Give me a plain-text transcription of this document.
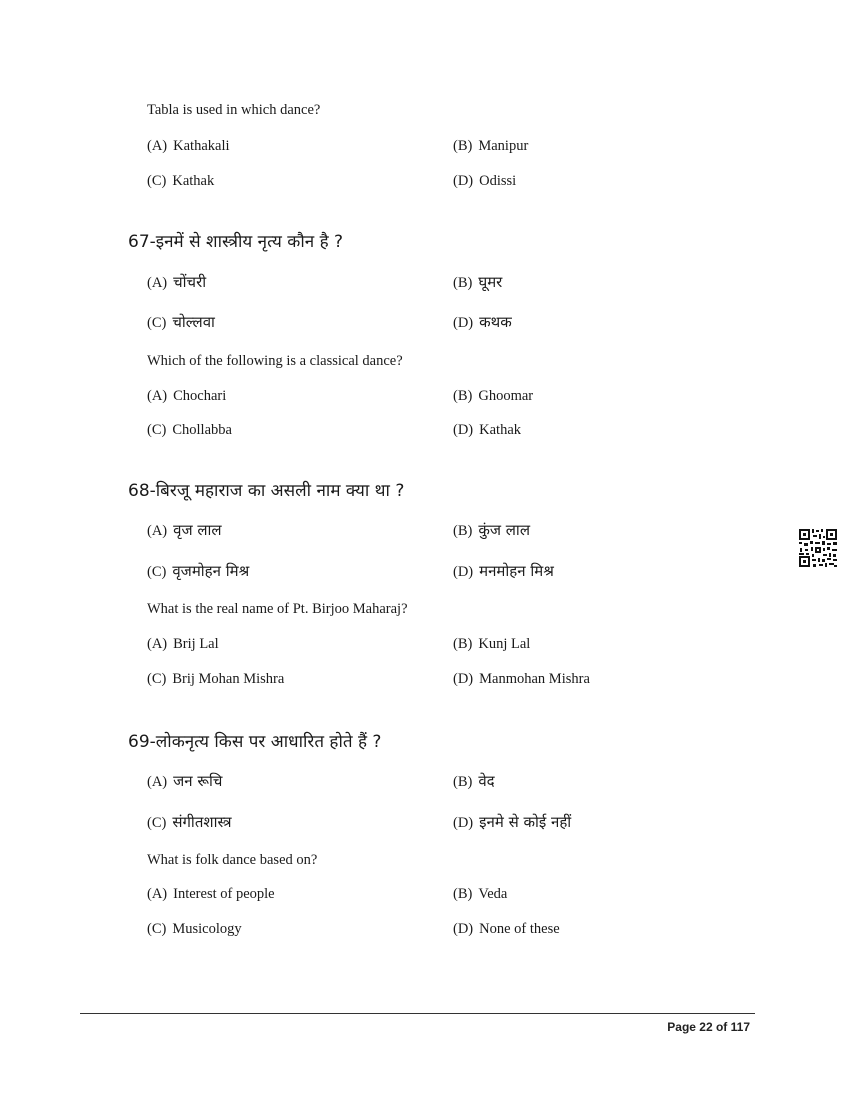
Tabla is used in which dance?
(A) Kathakali	(B) Manipur
(C) Kathak	(D) Odissi
67-इनमें से शास्त्रीय नृत्य कौन है ?
(A) चोंचरी	(B) घूमर
(C) चोल्लवा	(D) कथक
Which of the following is a classical dance?
(A) Chochari	(B) Ghoomar
(C) Chollabba	(D) Kathak
68-बिरजू महाराज का असली नाम क्या था ?
(A) वृज लाल	(B) कुंज लाल
(C) वृजमोहन मिश्र	(D) मनमोहन मिश्र
What is the real name of Pt. Birjoo Maharaj?
(A) Brij Lal	(B) Kunj Lal
(C) Brij Mohan Mishra	(D) Manmohan Mishra
69-लोकनृत्य किस पर आधारित होते हैं ?
(A) जन रूचि	(B) वेद
(C) संगीतशास्त्र	(D) इनमे से कोई नहीं
What is folk dance based on?
(A) Interest of people	(B) Veda
(C) Musicology	(D) None of these
Page 22 of 117
